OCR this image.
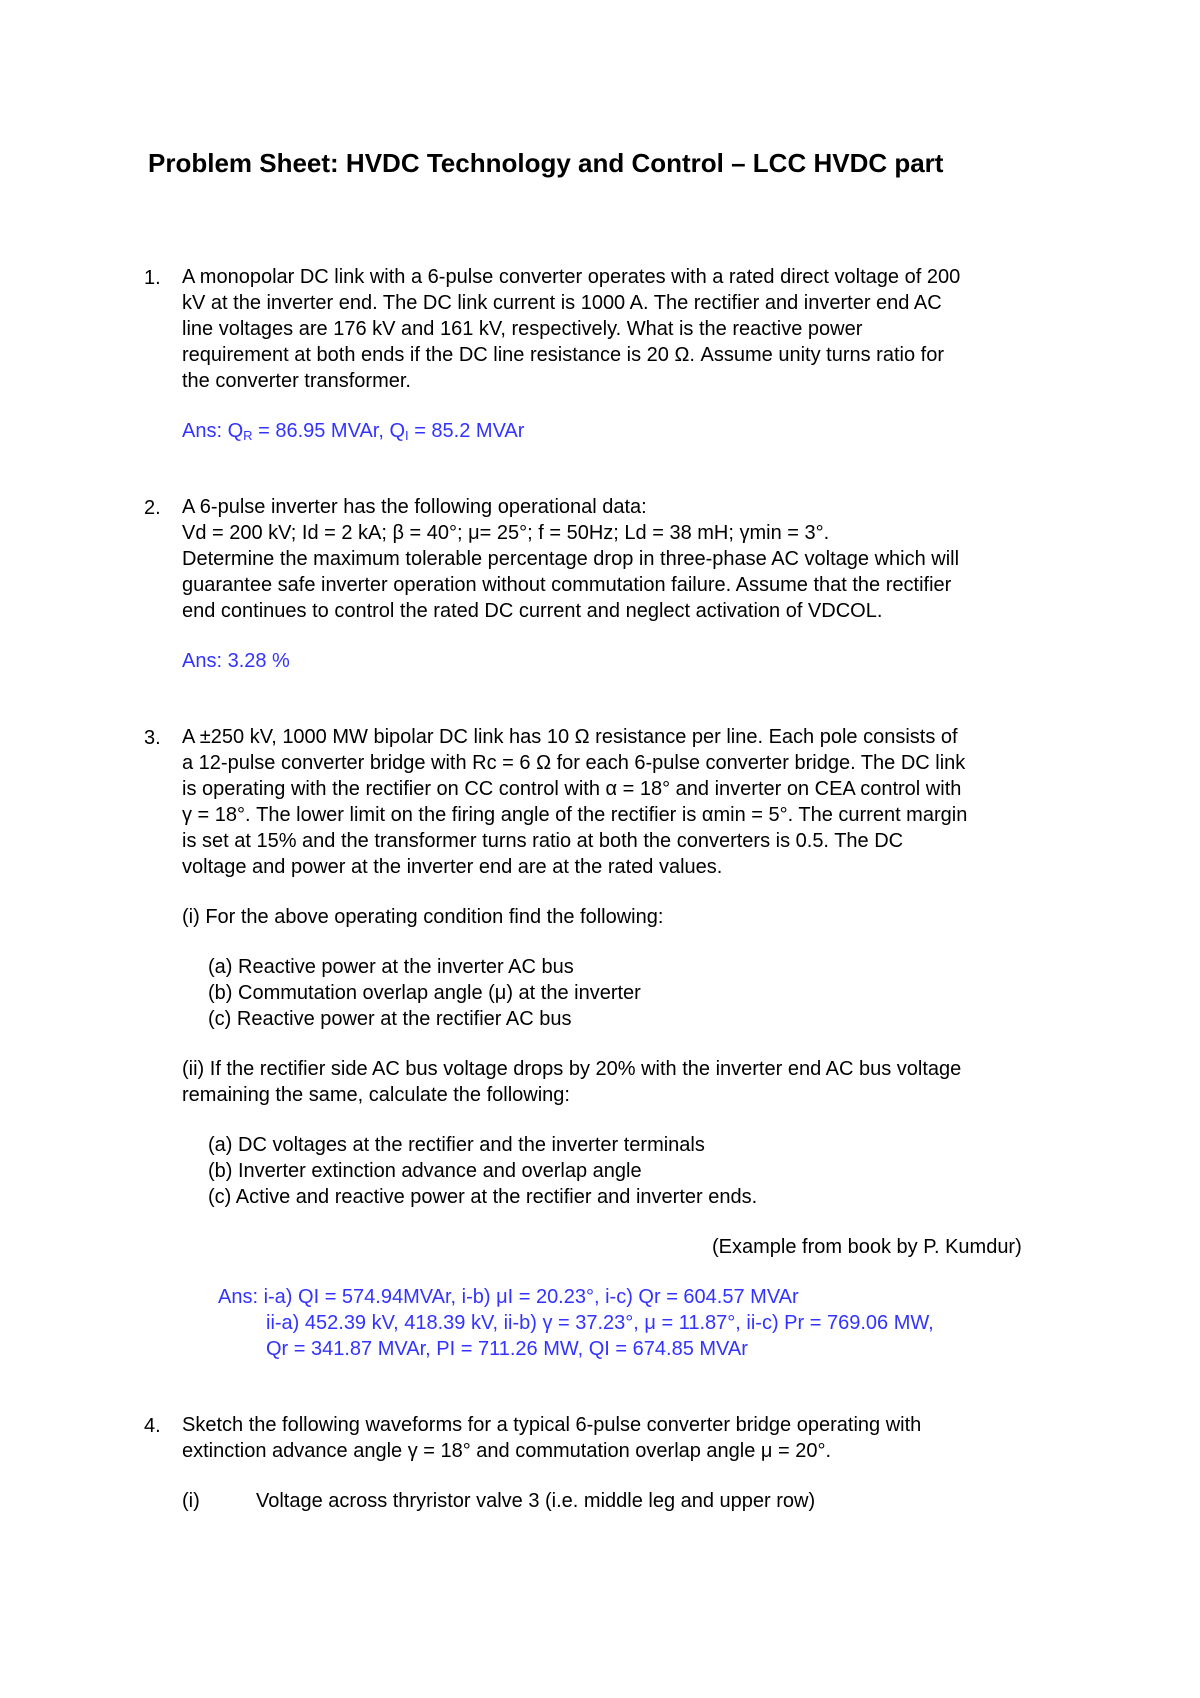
Problem Sheet: HVDC Technology and Control – LCC HVDC part
1. A monopolar DC link with a 6-pulse converter operates with a rated direct voltage of 200
kV at the inverter end. The DC link current is 1000 A. The rectifier and inverter end AC
line voltages are 176 kV and 161 kV, respectively. What is the reactive power
requirement at both ends if the DC line resistance is 20 Ω. Assume unity turns ratio for
the converter transformer.
Ans: $Q_R = 86.95$ MVAr, $Q_I = 85.2$ MVAr
2. A 6-pulse inverter has the following operational data:
Vd = 200 kV; Id = 2 kA; β = 40°; μ= 25°; f = 50Hz; Ld = 38 mH; γmin = 3°.
Determine the maximum tolerable percentage drop in three-phase AC voltage which will
guarantee safe inverter operation without commutation failure. Assume that the rectifier
end continues to control the rated DC current and neglect activation of VDCOL.
Ans: 3.28 %
3. A ±250 kV, 1000 MW bipolar DC link has 10 Ω resistance per line. Each pole consists of
a 12-pulse converter bridge with Rc = 6 Ω for each 6-pulse converter bridge. The DC link
is operating with the rectifier on CC control with α = 18° and inverter on CEA control with
γ = 18°. The lower limit on the firing angle of the rectifier is αmin = 5°. The current margin
is set at 15% and the transformer turns ratio at both the converters is 0.5. The DC
voltage and power at the inverter end are at the rated values.
(i) For the above operating condition find the following:
(a) Reactive power at the inverter AC bus
(b) Commutation overlap angle (μ) at the inverter
(c) Reactive power at the rectifier AC bus
(ii) If the rectifier side AC bus voltage drops by 20% with the inverter end AC bus voltage
remaining the same, calculate the following:
(a) DC voltages at the rectifier and the inverter terminals
(b) Inverter extinction advance and overlap angle
(c) Active and reactive power at the rectifier and inverter ends.
(Example from book by P. Kumdur)
Ans: i-a) QI = 574.94MVAr, i-b) μI = 20.23°, i-c) Qr = 604.57 MVAr
ii-a) 452.39 kV, 418.39 kV, ii-b) γ = 37.23°, μ = 11.87°, ii-c) Pr = 769.06 MW,
Qr = 341.87 MVAr, PI = 711.26 MW, QI = 674.85 MVAr
4. Sketch the following waveforms for a typical 6-pulse converter bridge operating with
extinction advance angle γ = 18° and commutation overlap angle μ = 20°.
(i)	Voltage across thryristor valve 3 (i.e. middle leg and upper row)
